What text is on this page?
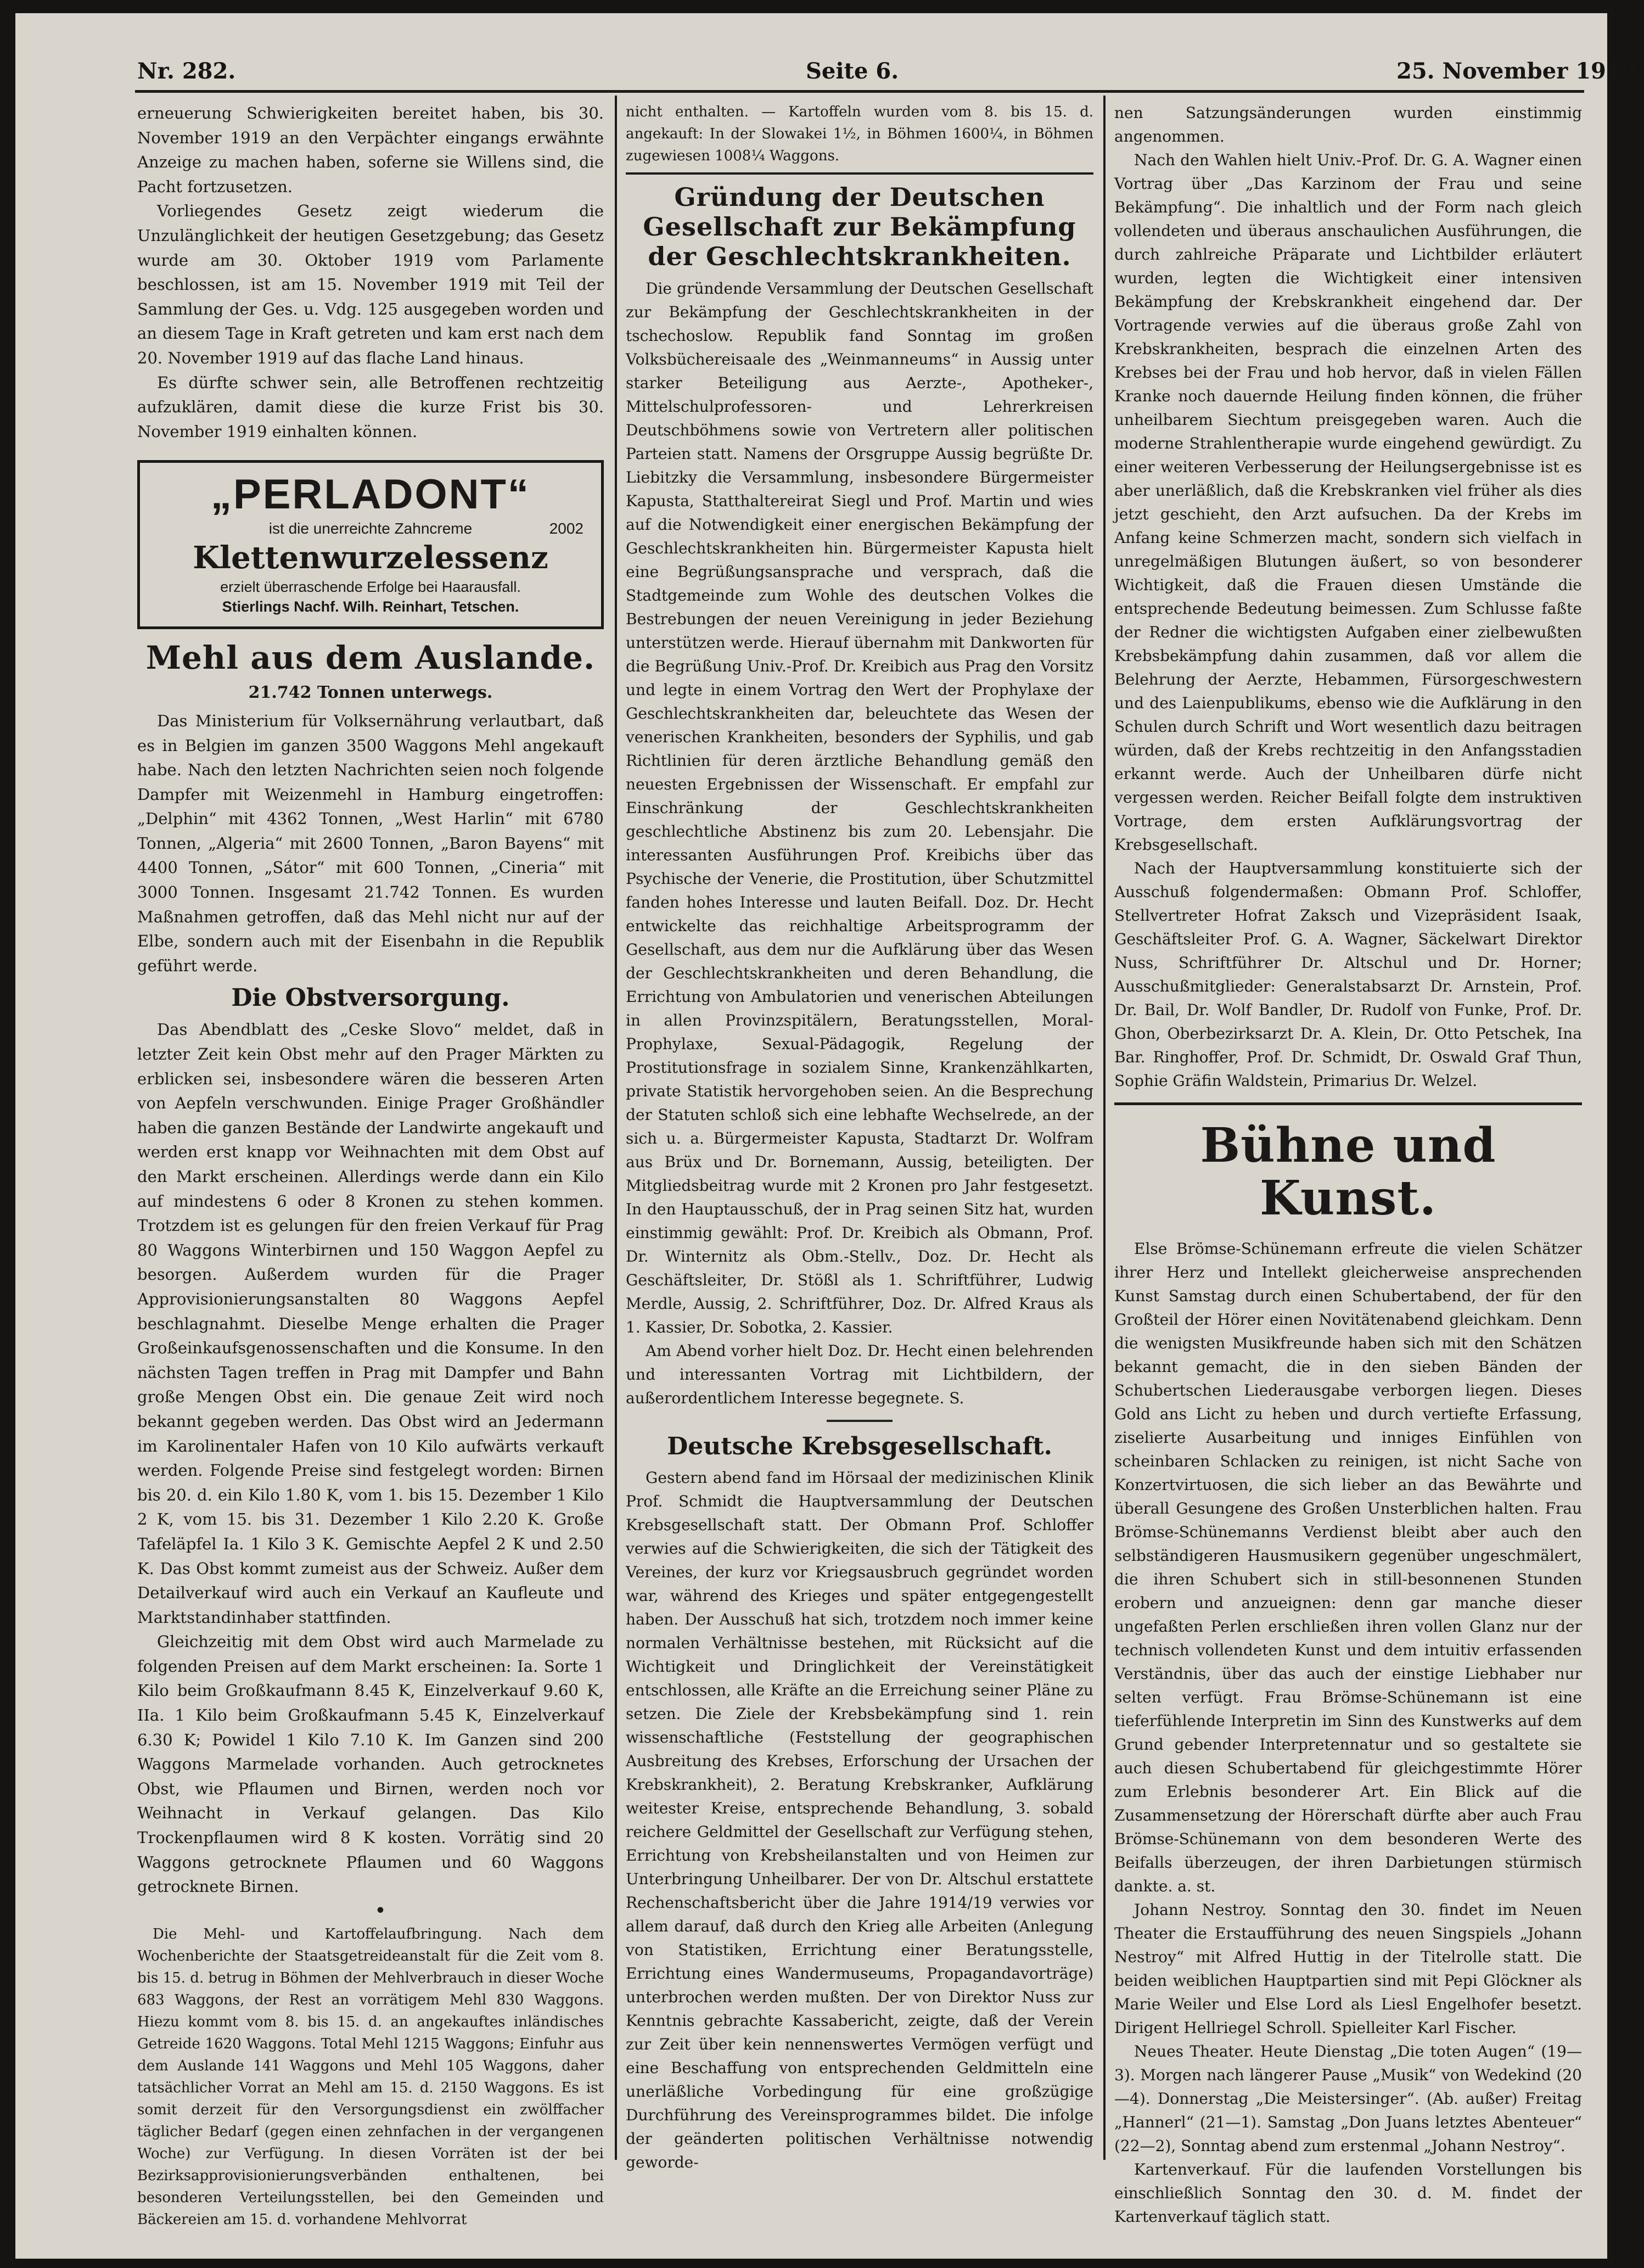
Nr. 282.	Seite 6.	25. November 1919.

erneuerung Schwierigkeiten bereitet haben, bis 30. November 1919 an den Verpächter eingangs erwähnte Anzeige zu machen haben, soferne sie Willens sind, die Pacht fortzusetzen.

Vorliegendes Gesetz zeigt wiederum die Unzulänglichkeit der heutigen Gesetzgebung; das Gesetz wurde am 30. Oktober 1919 vom Parlamente beschlossen, ist am 15. November 1919 mit Teil der Sammlung der Ges. u. Vdg. 125 ausgegeben worden und an diesem Tage in Kraft getreten und kam erst nach dem 20. November 1919 auf das flache Land hinaus.

Es dürfte schwer sein, alle Betroffenen rechtzeitig aufzuklären, damit diese die kurze Frist bis 30. November 1919 einhalten können.

„PERLADONT“
ist die unerreichte Zahncreme	2002
Klettenwurzelessenz
erzielt überraschende Erfolge bei Haarausfall.
Stierlings Nachf. Wilh. Reinhart, Tetschen.
Mehl aus dem Auslande.
21.742 Tonnen unterwegs.

Das Ministerium für Volksernährung verlautbart, daß es in Belgien im ganzen 3500 Waggons Mehl angekauft habe. Nach den letzten Nachrichten seien noch folgende Dampfer mit Weizenmehl in Hamburg eingetroffen: „Delphin“ mit 4362 Tonnen, „West Harlin“ mit 6780 Tonnen, „Algeria“ mit 2600 Tonnen, „Baron Bayens“ mit 4400 Tonnen, „Sátor“ mit 600 Tonnen, „Cineria“ mit 3000 Tonnen. Insgesamt 21.742 Tonnen. Es wurden Maßnahmen getroffen, daß das Mehl nicht nur auf der Elbe, sondern auch mit der Eisenbahn in die Republik geführt werde.

Die Obstversorgung.

Das Abendblatt des „Ceske Slovo“ meldet, daß in letzter Zeit kein Obst mehr auf den Prager Märkten zu erblicken sei, insbesondere wären die besseren Arten von Aepfeln verschwunden. Einige Prager Großhändler haben die ganzen Bestände der Landwirte angekauft und werden erst knapp vor Weihnachten mit dem Obst auf den Markt erscheinen. Allerdings werde dann ein Kilo auf mindestens 6 oder 8 Kronen zu stehen kommen. Trotzdem ist es gelungen für den freien Verkauf für Prag 80 Waggons Winterbirnen und 150 Waggon Aepfel zu besorgen. Außerdem wurden für die Prager Approvisionierungsanstalten 80 Waggons Aepfel beschlagnahmt. Dieselbe Menge erhalten die Prager Großeinkaufsgenossenschaften und die Konsume. In den nächsten Tagen treffen in Prag mit Dampfer und Bahn große Mengen Obst ein. Die genaue Zeit wird noch bekannt gegeben werden. Das Obst wird an Jedermann im Karolinentaler Hafen von 10 Kilo aufwärts verkauft werden. Folgende Preise sind festgelegt worden: Birnen bis 20. d. ein Kilo 1.80 K, vom 1. bis 15. Dezember 1 Kilo 2 K, vom 15. bis 31. Dezember 1 Kilo 2.20 K. Große Tafeläpfel Ia. 1 Kilo 3 K. Gemischte Aepfel 2 K und 2.50 K. Das Obst kommt zumeist aus der Schweiz. Außer dem Detailverkauf wird auch ein Verkauf an Kaufleute und Marktstandinhaber stattfinden.

Gleichzeitig mit dem Obst wird auch Marmelade zu folgenden Preisen auf dem Markt erscheinen: Ia. Sorte 1 Kilo beim Großkaufmann 8.45 K, Einzelverkauf 9.60 K, IIa. 1 Kilo beim Großkaufmann 5.45 K, Einzelverkauf 6.30 K; Powidel 1 Kilo 7.10 K. Im Ganzen sind 200 Waggons Marmelade vorhanden. Auch getrocknetes Obst, wie Pflaumen und Birnen, werden noch vor Weihnacht in Verkauf gelangen. Das Kilo Trockenpflaumen wird 8 K kosten. Vorrätig sind 20 Waggons getrocknete Pflaumen und 60 Waggons getrocknete Birnen.

•

Die Mehl- und Kartoffelaufbringung. Nach dem Wochenberichte der Staatsgetreideanstalt für die Zeit vom 8. bis 15. d. betrug in Böhmen der Mehlverbrauch in dieser Woche 683 Waggons, der Rest an vorrätigem Mehl 830 Waggons. Hiezu kommt vom 8. bis 15. d. an angekauftes inländisches Getreide 1620 Waggons. Total Mehl 1215 Waggons; Einfuhr aus dem Auslande 141 Waggons und Mehl 105 Waggons, daher tatsächlicher Vorrat an Mehl am 15. d. 2150 Waggons. Es ist somit derzeit für den Versorgungsdienst ein zwölffacher täglicher Bedarf (gegen einen zehnfachen in der vergangenen Woche) zur Verfügung. In diesen Vorräten ist der bei Bezirksapprovisionierungsverbänden enthaltenen, bei besonderen Verteilungsstellen, bei den Gemeinden und Bäckereien am 15. d. vorhandene Mehlvorrat

nicht enthalten. — Kartoffeln wurden vom 8. bis 15. d. angekauft: In der Slowakei 1½, in Böhmen 1600¼, in Böhmen zugewiesen 1008¼ Waggons.

Gründung der Deutschen Gesellschaft zur Bekämpfung der Geschlechtskrankheiten.

Die gründende Versammlung der Deutschen Gesellschaft zur Bekämpfung der Geschlechtskrankheiten in der tschechoslow. Republik fand Sonntag im großen Volksbüchereisaale des „Weinmanneums“ in Aussig unter starker Beteiligung aus Aerzte-, Apotheker-, Mittelschulprofessoren- und Lehrerkreisen Deutschböhmens sowie von Vertretern aller politischen Parteien statt. Namens der Orsgruppe Aussig begrüßte Dr. Liebitzky die Versammlung, insbesondere Bürgermeister Kapusta, Statthaltereirat Siegl und Prof. Martin und wies auf die Notwendigkeit einer energischen Bekämpfung der Geschlechtskrankheiten hin. Bürgermeister Kapusta hielt eine Begrüßungsansprache und versprach, daß die Stadtgemeinde zum Wohle des deutschen Volkes die Bestrebungen der neuen Vereinigung in jeder Beziehung unterstützen werde. Hierauf übernahm mit Dankworten für die Begrüßung Univ.-Prof. Dr. Kreibich aus Prag den Vorsitz und legte in einem Vortrag den Wert der Prophylaxe der Geschlechtskrankheiten dar, beleuchtete das Wesen der venerischen Krankheiten, besonders der Syphilis, und gab Richtlinien für deren ärztliche Behandlung gemäß den neuesten Ergebnissen der Wissenschaft. Er empfahl zur Einschränkung der Geschlechtskrankheiten geschlechtliche Abstinenz bis zum 20. Lebensjahr. Die interessanten Ausführungen Prof. Kreibichs über das Psychische der Venerie, die Prostitution, über Schutzmittel fanden hohes Interesse und lauten Beifall. Doz. Dr. Hecht entwickelte das reichhaltige Arbeitsprogramm der Gesellschaft, aus dem nur die Aufklärung über das Wesen der Geschlechtskrankheiten und deren Behandlung, die Errichtung von Ambulatorien und venerischen Abteilungen in allen Provinzspitälern, Beratungsstellen, Moral-Prophylaxe, Sexual-Pädagogik, Regelung der Prostitutionsfrage in sozialem Sinne, Krankenzählkarten, private Statistik hervorgehoben seien. An die Besprechung der Statuten schloß sich eine lebhafte Wechselrede, an der sich u. a. Bürgermeister Kapusta, Stadtarzt Dr. Wolfram aus Brüx und Dr. Bornemann, Aussig, beteiligten. Der Mitgliedsbeitrag wurde mit 2 Kronen pro Jahr festgesetzt. In den Hauptausschuß, der in Prag seinen Sitz hat, wurden einstimmig gewählt: Prof. Dr. Kreibich als Obmann, Prof. Dr. Winternitz als Obm.-Stellv., Doz. Dr. Hecht als Geschäftsleiter, Dr. Stößl als 1. Schriftführer, Ludwig Merdle, Aussig, 2. Schriftführer, Doz. Dr. Alfred Kraus als 1. Kassier, Dr. Sobotka, 2. Kassier.

Am Abend vorher hielt Doz. Dr. Hecht einen belehrenden und interessanten Vortrag mit Lichtbildern, der außerordentlichem Interesse begegnete. S.

Deutsche Krebsgesellschaft.

Gestern abend fand im Hörsaal der medizinischen Klinik Prof. Schmidt die Hauptversammlung der Deutschen Krebsgesellschaft statt. Der Obmann Prof. Schloffer verwies auf die Schwierigkeiten, die sich der Tätigkeit des Vereines, der kurz vor Kriegsausbruch gegründet worden war, während des Krieges und später entgegengestellt haben. Der Ausschuß hat sich, trotzdem noch immer keine normalen Verhältnisse bestehen, mit Rücksicht auf die Wichtigkeit und Dringlichkeit der Vereinstätigkeit entschlossen, alle Kräfte an die Erreichung seiner Pläne zu setzen. Die Ziele der Krebsbekämpfung sind 1. rein wissenschaftliche (Feststellung der geographischen Ausbreitung des Krebses, Erforschung der Ursachen der Krebskrankheit), 2. Beratung Krebskranker, Aufklärung weitester Kreise, entsprechende Behandlung, 3. sobald reichere Geldmittel der Gesellschaft zur Verfügung stehen, Errichtung von Krebsheilanstalten und von Heimen zur Unterbringung Unheilbarer. Der von Dr. Altschul erstattete Rechenschaftsbericht über die Jahre 1914/19 verwies vor allem darauf, daß durch den Krieg alle Arbeiten (Anlegung von Statistiken, Errichtung einer Beratungsstelle, Errichtung eines Wandermuseums, Propagandavorträge) unterbrochen werden mußten. Der von Direktor Nuss zur Kenntnis gebrachte Kassabericht, zeigte, daß der Verein zur Zeit über kein nennenswertes Vermögen verfügt und eine Beschaffung von entsprechenden Geldmitteln eine unerläßliche Vorbedingung für eine großzügige Durchführung des Vereinsprogrammes bildet. Die infolge der geänderten politischen Verhältnisse notwendig geworde-

nen Satzungsänderungen wurden einstimmig angenommen.

Nach den Wahlen hielt Univ.-Prof. Dr. G. A. Wagner einen Vortrag über „Das Karzinom der Frau und seine Bekämpfung“. Die inhaltlich und der Form nach gleich vollendeten und überaus anschaulichen Ausführungen, die durch zahlreiche Präparate und Lichtbilder erläutert wurden, legten die Wichtigkeit einer intensiven Bekämpfung der Krebskrankheit eingehend dar. Der Vortragende verwies auf die überaus große Zahl von Krebskrankheiten, besprach die einzelnen Arten des Krebses bei der Frau und hob hervor, daß in vielen Fällen Kranke noch dauernde Heilung finden können, die früher unheilbarem Siechtum preisgegeben waren. Auch die moderne Strahlentherapie wurde eingehend gewürdigt. Zu einer weiteren Verbesserung der Heilungsergebnisse ist es aber unerläßlich, daß die Krebskranken viel früher als dies jetzt geschieht, den Arzt aufsuchen. Da der Krebs im Anfang keine Schmerzen macht, sondern sich vielfach in unregelmäßigen Blutungen äußert, so von besonderer Wichtigkeit, daß die Frauen diesen Umstände die entsprechende Bedeutung beimessen. Zum Schlusse faßte der Redner die wichtigsten Aufgaben einer zielbewußten Krebsbekämpfung dahin zusammen, daß vor allem die Belehrung der Aerzte, Hebammen, Fürsorgeschwestern und des Laienpublikums, ebenso wie die Aufklärung in den Schulen durch Schrift und Wort wesentlich dazu beitragen würden, daß der Krebs rechtzeitig in den Anfangsstadien erkannt werde. Auch der Unheilbaren dürfe nicht vergessen werden. Reicher Beifall folgte dem instruktiven Vortrage, dem ersten Aufklärungsvortrag der Krebsgesellschaft.

Nach der Hauptversammlung konstituierte sich der Ausschuß folgendermaßen: Obmann Prof. Schloffer, Stellvertreter Hofrat Zaksch und Vizepräsident Isaak, Geschäftsleiter Prof. G. A. Wagner, Säckelwart Direktor Nuss, Schriftführer Dr. Altschul und Dr. Horner; Ausschußmitglieder: Generalstabsarzt Dr. Arnstein, Prof. Dr. Bail, Dr. Wolf Bandler, Dr. Rudolf von Funke, Prof. Dr. Ghon, Oberbezirksarzt Dr. A. Klein, Dr. Otto Petschek, Ina Bar. Ringhoffer, Prof. Dr. Schmidt, Dr. Oswald Graf Thun, Sophie Gräfin Waldstein, Primarius Dr. Welzel.

Bühne und Kunst.

Else Brömse-Schünemann erfreute die vielen Schätzer ihrer Herz und Intellekt gleicherweise ansprechenden Kunst Samstag durch einen Schubertabend, der für den Großteil der Hörer einen Novitätenabend gleichkam. Denn die wenigsten Musikfreunde haben sich mit den Schätzen bekannt gemacht, die in den sieben Bänden der Schubertschen Liederausgabe verborgen liegen. Dieses Gold ans Licht zu heben und durch vertiefte Erfassung, ziselierte Ausarbeitung und inniges Einfühlen von scheinbaren Schlacken zu reinigen, ist nicht Sache von Konzertvirtuosen, die sich lieber an das Bewährte und überall Gesungene des Großen Unsterblichen halten. Frau Brömse-Schünemanns Verdienst bleibt aber auch den selbständigeren Hausmusikern gegenüber ungeschmälert, die ihren Schubert sich in still-besonnenen Stunden erobern und anzueignen: denn gar manche dieser ungefaßten Perlen erschließen ihren vollen Glanz nur der technisch vollendeten Kunst und dem intuitiv erfassenden Verständnis, über das auch der einstige Liebhaber nur selten verfügt. Frau Brömse-Schünemann ist eine tieferfühlende Interpretin im Sinn des Kunstwerks auf dem Grund gebender Interpretennatur und so gestaltete sie auch diesen Schubertabend für gleichgestimmte Hörer zum Erlebnis besonderer Art. Ein Blick auf die Zusammensetzung der Hörerschaft dürfte aber auch Frau Brömse-Schünemann von dem besonderen Werte des Beifalls überzeugen, der ihren Darbietungen stürmisch dankte. a. st.

Johann Nestroy. Sonntag den 30. findet im Neuen Theater die Erstaufführung des neuen Singspiels „Johann Nestroy“ mit Alfred Huttig in der Titelrolle statt. Die beiden weiblichen Hauptpartien sind mit Pepi Glöckner als Marie Weiler und Else Lord als Liesl Engelhofer besetzt. Dirigent Hellriegel Schroll. Spielleiter Karl Fischer.

Neues Theater. Heute Dienstag „Die toten Augen“ (19—3). Morgen nach längerer Pause „Musik“ von Wedekind (20—4). Donnerstag „Die Meistersinger“. (Ab. außer) Freitag „Hannerl“ (21—1). Samstag „Don Juans letztes Abenteuer“ (22—2), Sonntag abend zum erstenmal „Johann Nestroy“.

Kartenverkauf. Für die laufenden Vorstellungen bis einschließlich Sonntag den 30. d. M. findet der Kartenverkauf täglich statt.
